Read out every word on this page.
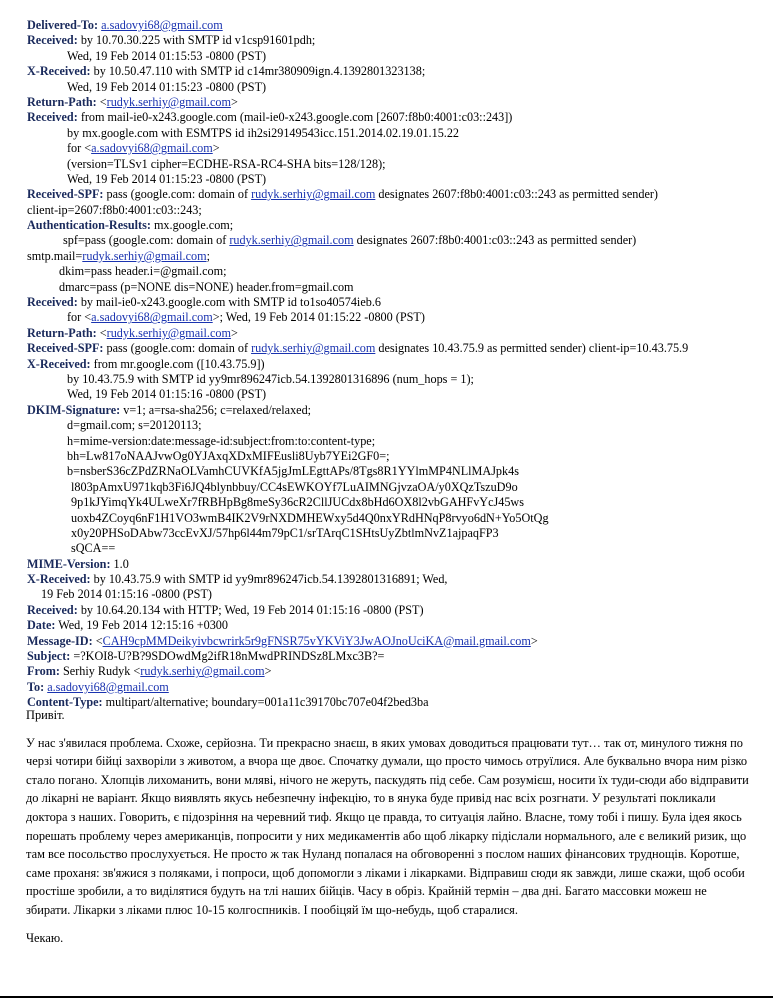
Delivered-To: a.sadovyi68@gmail.com
Received: by 10.70.30.225 with SMTP id v1csp91601pdh;
Wed, 19 Feb 2014 01:15:53 -0800 (PST)
X-Received: by 10.50.47.110 with SMTP id c14mr380909ign.4.1392801323138;
Wed, 19 Feb 2014 01:15:23 -0800 (PST)
Return-Path: <rudyk.serhiy@gmail.com>
Received: from mail-ie0-x243.google.com (mail-ie0-x243.google.com [2607:f8b0:4001:c03::243])
by mx.google.com with ESMTPS id ih2si29149543icc.151.2014.02.19.01.15.22
for <a.sadovyi68@gmail.com>
(version=TLSv1 cipher=ECDHE-RSA-RC4-SHA bits=128/128);
Wed, 19 Feb 2014 01:15:23 -0800 (PST)
Received-SPF: pass (google.com: domain of rudyk.serhiy@gmail.com designates 2607:f8b0:4001:c03::243 as permitted sender)
client-ip=2607:f8b0:4001:c03::243;
Authentication-Results: mx.google.com;
spf=pass (google.com: domain of rudyk.serhiy@gmail.com designates 2607:f8b0:4001:c03::243 as permitted sender)
smtp.mail=rudyk.serhiy@gmail.com;
dkim=pass header.i=@gmail.com;
dmarc=pass (p=NONE dis=NONE) header.from=gmail.com
Received: by mail-ie0-x243.google.com with SMTP id to1so40574ieb.6
for <a.sadovyi68@gmail.com>; Wed, 19 Feb 2014 01:15:22 -0800 (PST)
Return-Path: <rudyk.serhiy@gmail.com>
Received-SPF: pass (google.com: domain of rudyk.serhiy@gmail.com designates 10.43.75.9 as permitted sender) client-ip=10.43.75.9
X-Received: from mr.google.com ([10.43.75.9])
by 10.43.75.9 with SMTP id yy9mr896247icb.54.1392801316896 (num_hops = 1);
Wed, 19 Feb 2014 01:15:16 -0800 (PST)
DKIM-Signature: v=1; a=rsa-sha256; c=relaxed/relaxed;
d=gmail.com; s=20120113;
h=mime-version:date:message-id:subject:from:to:content-type;
bh=Lw817oNAAJvwOg0YJAxqXDxMIFEusli8Uyb7YEi2GF0=;
b=nsberS36cZPdZRNaOLVamhCUVKfA5jgJmLEgttAPs/8Tgs8R1YYlmMP4NLlMAJpk4s
l803pAmxU971kqb3Fi6JQ4blynbbuy/CC4sEWKOYf7LuAIMNGjvzaOA/y0XQzTszuD9o
9p1kJYimqYk4ULweXr7fRBHpBg8meSy36cR2CllJUCdx8bHd6OX8l2vbGAHFvYcJ45ws
uoxb4ZCoyq6nF1H1VO3wmB4IK2V9rNXDMHEWxy5d4Q0nxYRdHNqP8rvyo6dN+Yo5OtQg
x0y20PHSoDAbw73ccEvXJ/57hp6l44m79pC1/srTArqC1SHtsUyZbtlmNvZ1ajpaqFP3
sQCA==
MIME-Version: 1.0
X-Received: by 10.43.75.9 with SMTP id yy9mr896247icb.54.1392801316891; Wed,
19 Feb 2014 01:15:16 -0800 (PST)
Received: by 10.64.20.134 with HTTP; Wed, 19 Feb 2014 01:15:16 -0800 (PST)
Date: Wed, 19 Feb 2014 12:15:16 +0300
Message-ID: <CAH9cpMMDeikyivbcwrirk5r9gFNSR75vYKViY3JwAOJnoUciKA@mail.gmail.com>
Subject: =?KOI8-U?B?9SDOwdMg2ifR18nMwdPRINDSz8LMxc3B?=
From: Serhiy Rudyk <rudyk.serhiy@gmail.com>
To: a.sadovyi68@gmail.com
Content-Type: multipart/alternative; boundary=001a11c39170bc707e04f2bed3ba

Привіт.

У нас з'явилася проблема. Схоже, серйозна. Ти прекрасно знаєш, в яких умовах доводиться працювати тут… так от, минулого тижня по черзі чотири бійці захворіли з животом, а вчора ще двоє. Спочатку думали, що просто чимось отруїлися. Але буквально вчора ним різко стало погано. Хлопців лихоманить, вони мляві, нічого не жеруть, паскудять під себе. Сам розумієш, носити їх туди-сюди або відправити до лікарні не варіант. Якщо виявлять якусь небезпечну інфекцію, то в янука буде привід нас всіх розгнати. У результаті покликали доктора з наших. Говорить, є підозріння на черевний тиф. Якщо це правда, то ситуація лайно. Власне, тому тобі і пишу. Була ідея якось порешать проблему через американців, попросити у них медикаментів або щоб лікарку підіслали нормального, але є великий ризик, що там все посольство прослухується. Не просто ж так Нуланд попалася на обговоренні з послом наших фінансових труднощів. Коротше, саме проханя: зв'яжися з поляками, і попроси, щоб допомогли з ліками і лікарками. Відправиш сюди як завжди, лише скажи, щоб особи простіше зробили, а то виділятися будуть на тлі наших бійців. Часу в обріз. Крайній термін – два дні. Багато массовки можеш не збирати. Лікарки з ліками плюс 10-15 колгоспників. І пообіцяй їм що-небудь, щоб старалися.

Чекаю.
